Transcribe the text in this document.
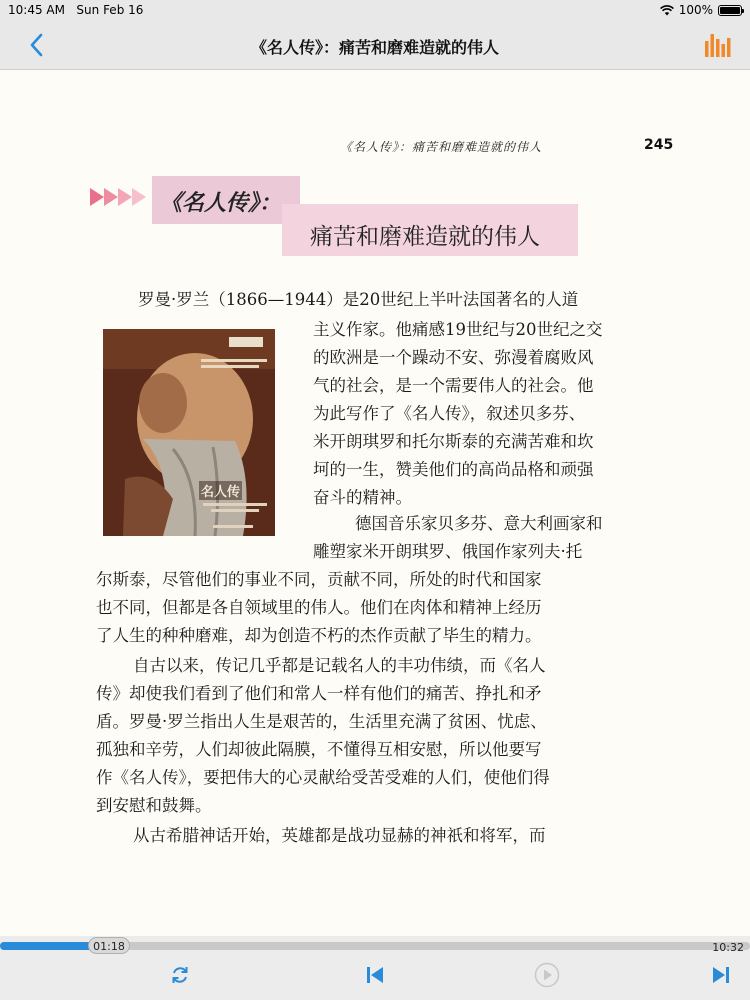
10:45 AM Sun Feb 16	100%
《名人传》：痛苦和磨难造就的伟人
《名人传》：痛苦和磨难造就的伟人	245
《名人传》：
痛苦和磨难造就的伟人
名人传
罗曼·罗兰（1866—1944）是20世纪上半叶法国著名的人道
主义作家。他痛感19世纪与20世纪之交
的欧洲是一个躁动不安、弥漫着腐败风
气的社会，是一个需要伟人的社会。他
为此写作了《名人传》，叙述贝多芬、
米开朗琪罗和托尔斯泰的充满苦难和坎
坷的一生，赞美他们的高尚品格和顽强
奋斗的精神。
德国音乐家贝多芬、意大利画家和
雕塑家米开朗琪罗、俄国作家列夫·托
尔斯泰，尽管他们的事业不同，贡献不同，所处的时代和国家
也不同，但都是各自领域里的伟人。他们在肉体和精神上经历
了人生的种种磨难，却为创造不朽的杰作贡献了毕生的精力。
自古以来，传记几乎都是记载名人的丰功伟绩，而《名人
传》却使我们看到了他们和常人一样有他们的痛苦、挣扎和矛
盾。罗曼·罗兰指出人生是艰苦的，生活里充满了贫困、忧虑、
孤独和辛劳，人们却彼此隔膜，不懂得互相安慰，所以他要写
作《名人传》，要把伟大的心灵献给受苦受难的人们，使他们得
到安慰和鼓舞。
从古希腊神话开始，英雄都是战功显赫的神祇和将军，而
01:18	10:32
